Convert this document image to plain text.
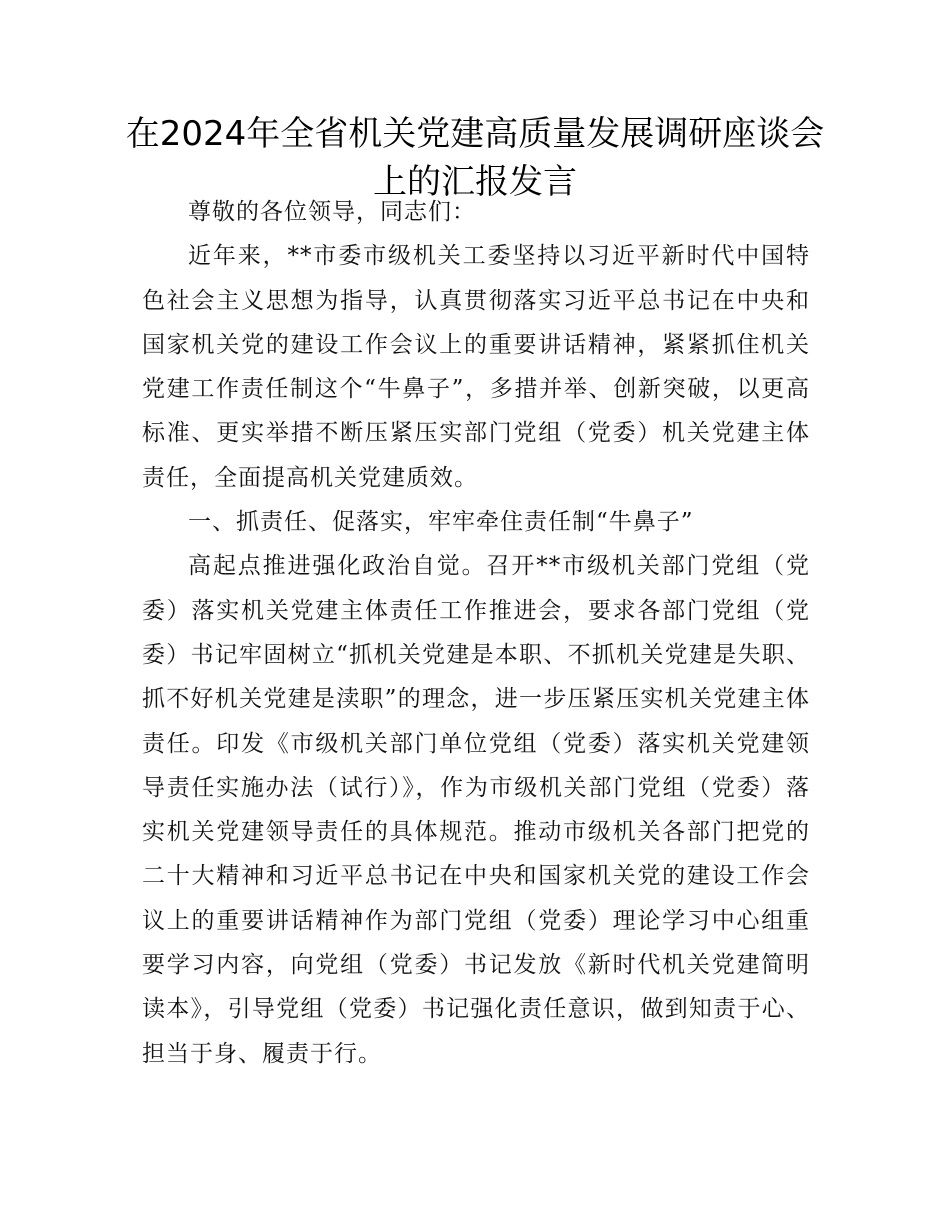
在2024年全省机关党建高质量发展调研座谈会上的汇报发言

尊敬的各位领导，同志们：

近年来，**市委市级机关工委坚持以习近平新时代中国特色社会主义思想为指导，认真贯彻落实习近平总书记在中央和国家机关党的建设工作会议上的重要讲话精神，紧紧抓住机关党建工作责任制这个“牛鼻子”，多措并举、创新突破，以更高标准、更实举措不断压紧压实部门党组（党委）机关党建主体责任，全面提高机关党建质效。

一、抓责任、促落实，牢牢牵住责任制“牛鼻子”

高起点推进强化政治自觉。召开**市级机关部门党组（党委）落实机关党建主体责任工作推进会，要求各部门党组（党委）书记牢固树立“抓机关党建是本职、不抓机关党建是失职、抓不好机关党建是渎职”的理念，进一步压紧压实机关党建主体责任。印发《市级机关部门单位党组（党委）落实机关党建领导责任实施办法（试行）》，作为市级机关部门党组（党委）落实机关党建领导责任的具体规范。推动市级机关各部门把党的二十大精神和习近平总书记在中央和国家机关党的建设工作会议上的重要讲话精神作为部门党组（党委）理论学习中心组重要学习内容，向党组（党委）书记发放《新时代机关党建简明读本》，引导党组（党委）书记强化责任意识，做到知责于心、担当于身、履责于行。
